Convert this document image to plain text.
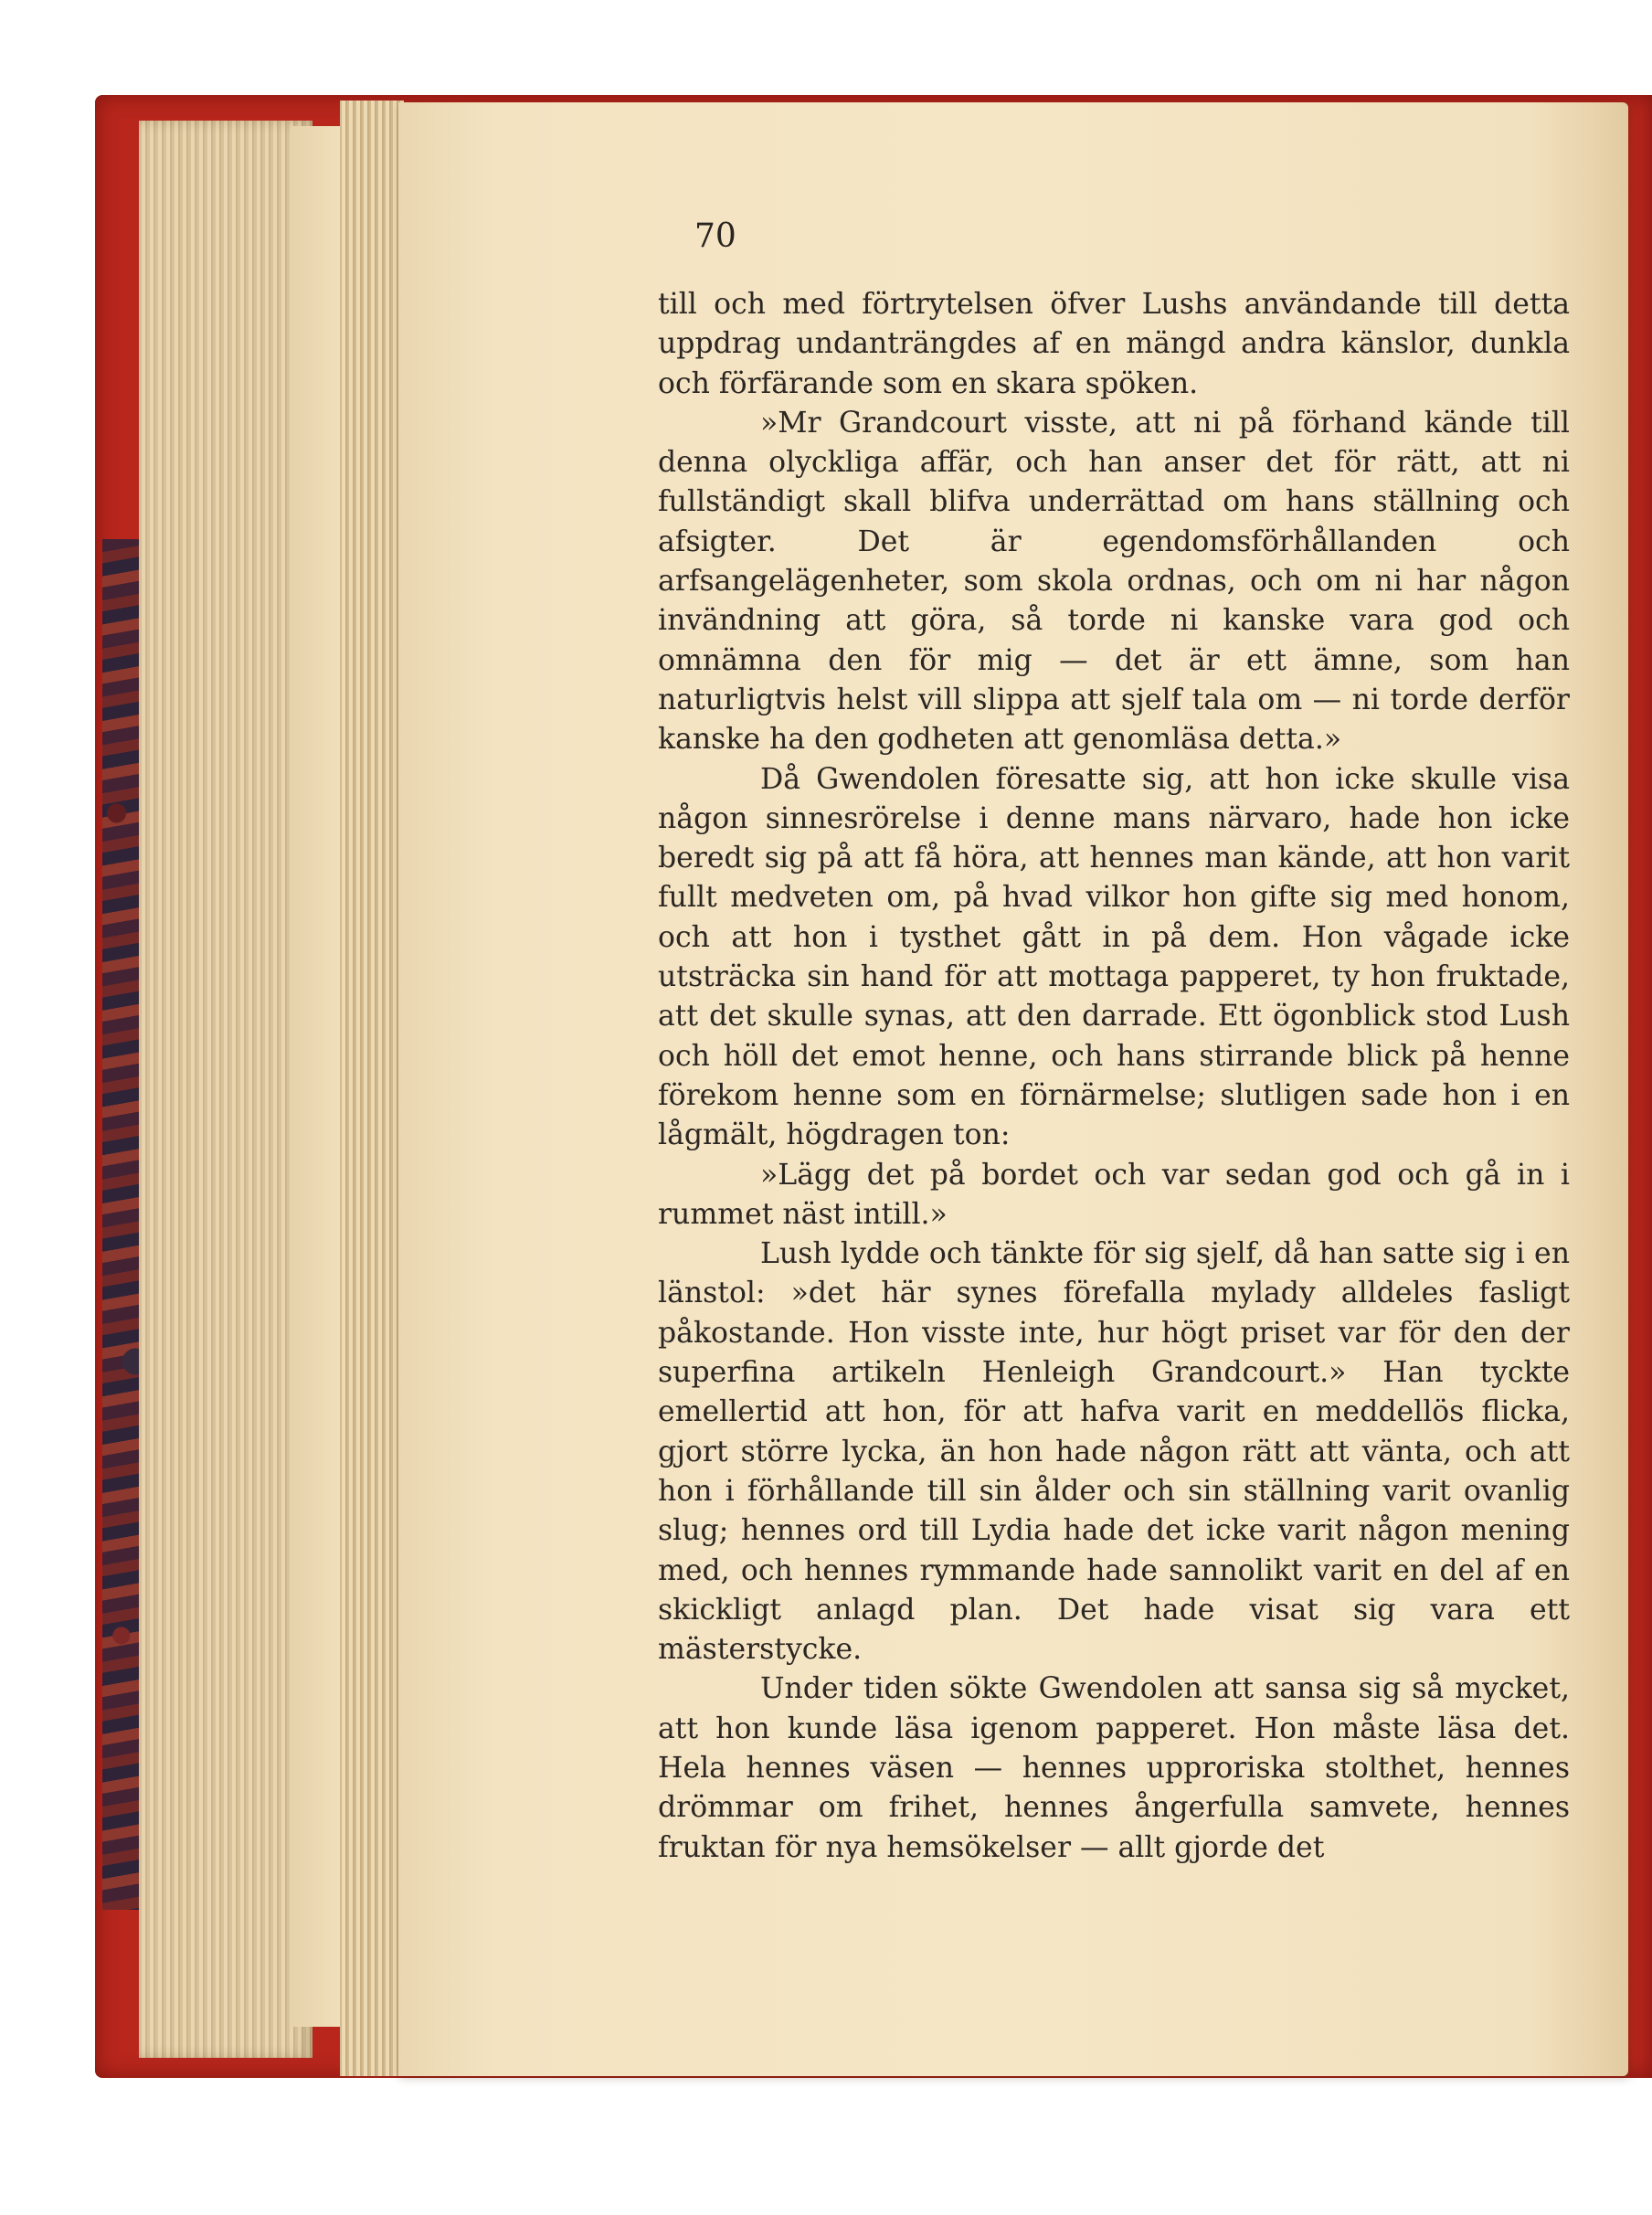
70

till och med förtrytelsen öfver Lushs användande till detta uppdrag undanträngdes af en mängd andra känslor, dunkla och förfärande som en skara spöken.

»Mr Grandcourt visste, att ni på förhand kände till denna olyckliga affär, och han anser det för rätt, att ni fullständigt skall blifva underrättad om hans ställning och afsigter. Det är egendomsförhållanden och arfsangelägenheter, som skola ordnas, och om ni har någon invändning att göra, så torde ni kanske vara god och omnämna den för mig — det är ett ämne, som han naturligtvis helst vill slippa att sjelf tala om — ni torde derför kanske ha den godheten att genomläsa detta.»

Då Gwendolen föresatte sig, att hon icke skulle visa någon sinnesrörelse i denne mans närvaro, hade hon icke beredt sig på att få höra, att hennes man kände, att hon varit fullt medveten om, på hvad vilkor hon gifte sig med honom, och att hon i tysthet gått in på dem. Hon vågade icke utsträcka sin hand för att mottaga papperet, ty hon fruktade, att det skulle synas, att den darrade. Ett ögonblick stod Lush och höll det emot henne, och hans stirrande blick på henne förekom henne som en förnärmelse; slutligen sade hon i en lågmält, högdragen ton:

»Lägg det på bordet och var sedan god och gå in i rummet näst intill.»

Lush lydde och tänkte för sig sjelf, då han satte sig i en länstol: »det här synes förefalla mylady alldeles fasligt påkostande. Hon visste inte, hur högt priset var för den der superfina artikeln Henleigh Grandcourt.» Han tyckte emellertid att hon, för att hafva varit en meddellös flicka, gjort större lycka, än hon hade någon rätt att vänta, och att hon i förhållande till sin ålder och sin ställning varit ovanlig slug; hennes ord till Lydia hade det icke varit någon mening med, och hennes rymmande hade sannolikt varit en del af en skickligt anlagd plan. Det hade visat sig vara ett mästerstycke.

Under tiden sökte Gwendolen att sansa sig så mycket, att hon kunde läsa igenom papperet. Hon måste läsa det. Hela hennes väsen — hennes upproriska stolthet, hennes drömmar om frihet, hennes ångerfulla samvete, hennes fruktan för nya hemsökelser — allt gjorde det
